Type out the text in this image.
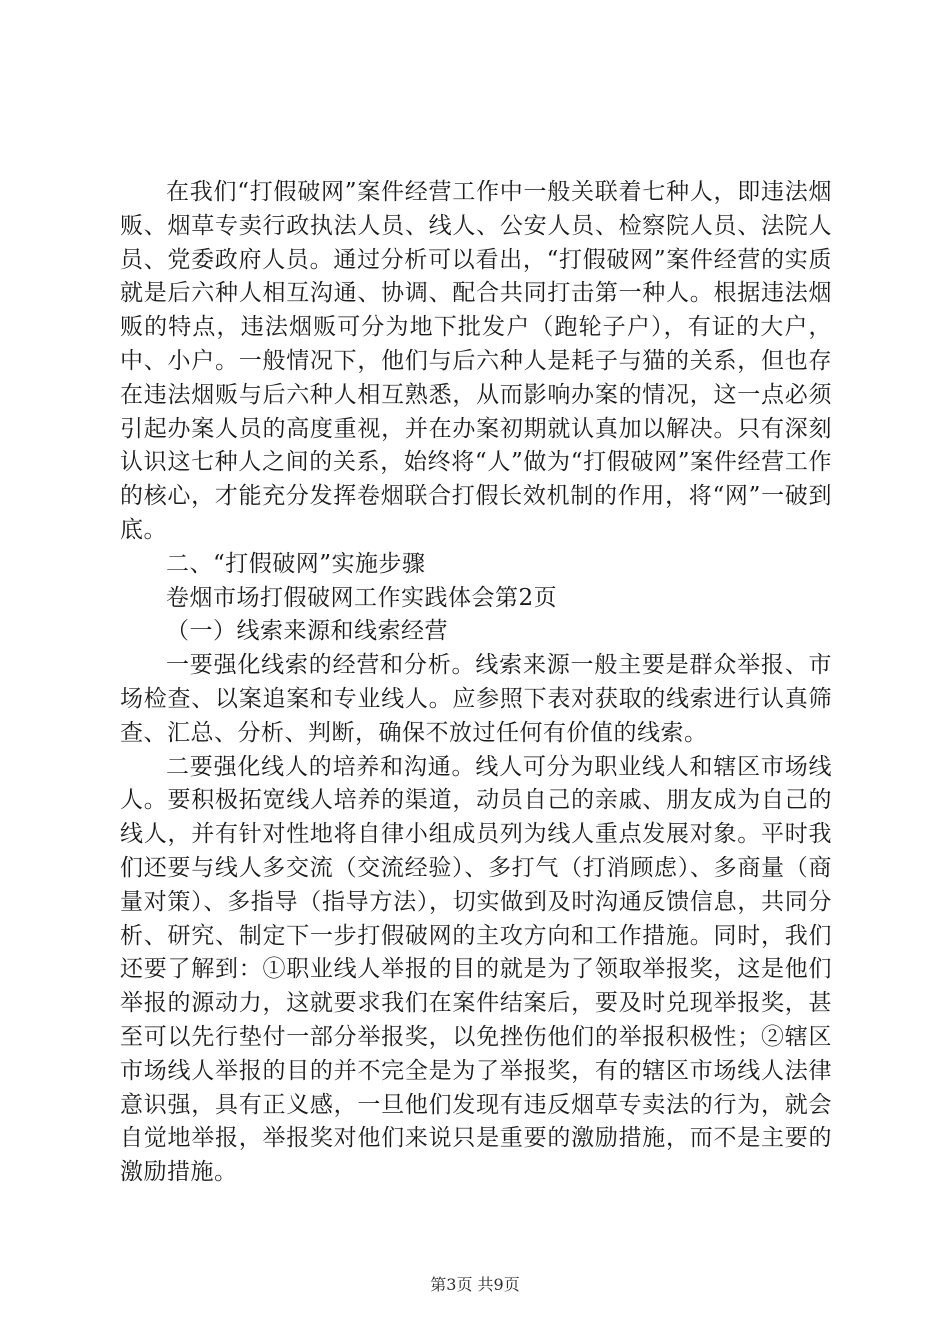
在我们“打假破网”案件经营工作中一般关联着七种人，即违法烟贩、烟草专卖行政执法人员、线人、公安人员、检察院人员、法院人员、党委政府人员。通过分析可以看出，“打假破网”案件经营的实质就是后六种人相互沟通、协调、配合共同打击第一种人。根据违法烟贩的特点，违法烟贩可分为地下批发户（跑轮子户），有证的大户，中、小户。一般情况下，他们与后六种人是耗子与猫的关系，但也存在违法烟贩与后六种人相互熟悉，从而影响办案的情况，这一点必须引起办案人员的高度重视，并在办案初期就认真加以解决。只有深刻认识这七种人之间的关系，始终将“人”做为“打假破网”案件经营工作的核心，才能充分发挥卷烟联合打假长效机制的作用，将“网”一破到底。

二、“打假破网”实施步骤

卷烟市场打假破网工作实践体会第2页

（一）线索来源和线索经营

一要强化线索的经营和分析。线索来源一般主要是群众举报、市场检查、以案追案和专业线人。应参照下表对获取的线索进行认真筛查、汇总、分析、判断，确保不放过任何有价值的线索。

二要强化线人的培养和沟通。线人可分为职业线人和辖区市场线人。要积极拓宽线人培养的渠道，动员自己的亲戚、朋友成为自己的线人，并有针对性地将自律小组成员列为线人重点发展对象。平时我们还要与线人多交流（交流经验）、多打气（打消顾虑）、多商量（商量对策）、多指导（指导方法），切实做到及时沟通反馈信息，共同分析、研究、制定下一步打假破网的主攻方向和工作措施。同时，我们还要了解到：①职业线人举报的目的就是为了领取举报奖，这是他们举报的源动力，这就要求我们在案件结案后，要及时兑现举报奖，甚至可以先行垫付一部分举报奖，以免挫伤他们的举报积极性；②辖区市场线人举报的目的并不完全是为了举报奖，有的辖区市场线人法律意识强，具有正义感，一旦他们发现有违反烟草专卖法的行为，就会自觉地举报，举报奖对他们来说只是重要的激励措施，而不是主要的激励措施。

第3页 共9页
